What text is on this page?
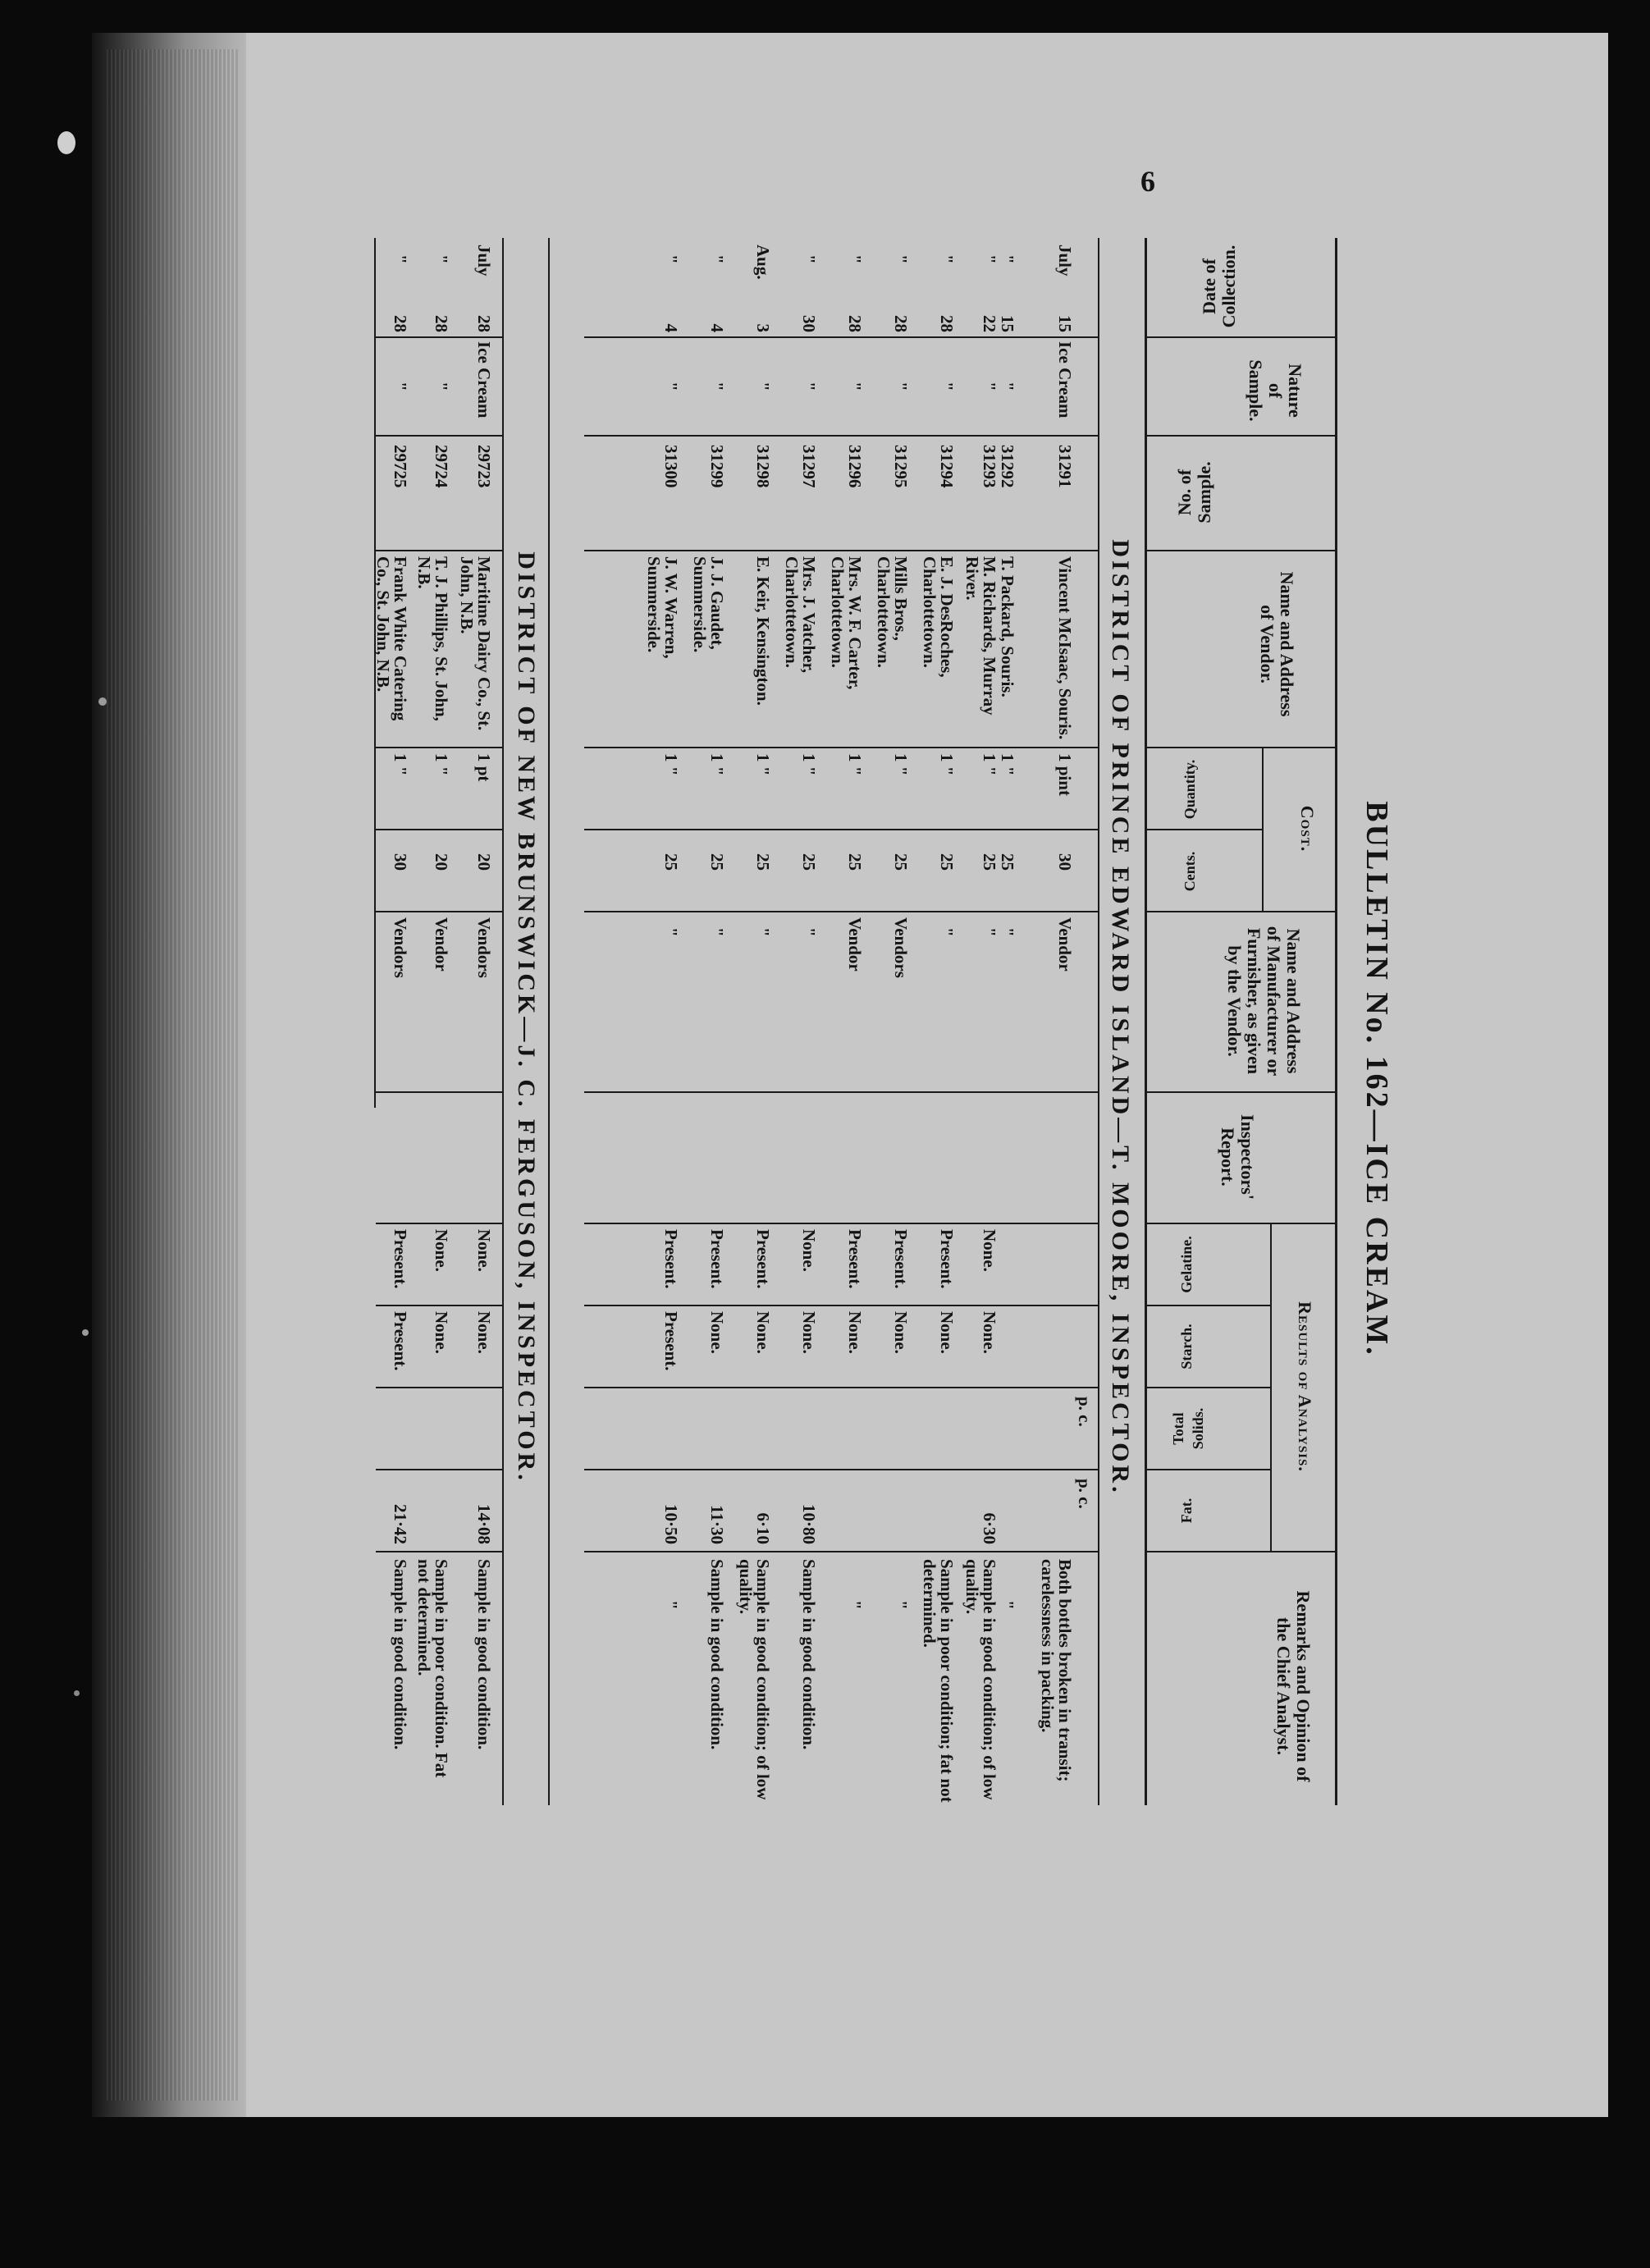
6
BULLETIN No. 162—ICE CREAM.
Date of Collection.
Nature of Sample.
No. of Sample.
Name and Address of Vendor.
Cost.
Quantity.
Cents.
Name and Address of Manufacturer or Furnisher, as given by the Vendor.
Inspectors' Report.
Results of Analysis.
Gelatine.
Starch.
Total Solids.
Fat.
Remarks and Opinion of the Chief Analyst.
DISTRICT OF PRINCE EDWARD ISLAND—T. MOORE, INSPECTOR.
DISTRICT OF NEW BRUNSWICK—J. C. FERGUSON, INSPECTOR.	p. c.
p. c.
July
15
Ice Cream
31291
Vincent McIsaac, Souris.
1 pint
30
Vendor
Both bottles broken in transit; carelessness in packing.
"
15
"
31292
T. Packard, Souris.
1 "
25
"
"
"
22
"
31293
M. Richards, Murray River.
1 "
25
"
None.
None.
6·30
Sample in good condition; of low quality.
"
28
"
31294
E. J. DesRoches, Charlottetown.
1 "
25
"
Present.
None.
Sample in poor condition; fat not determined.
"
28
"
31295
Mills Bros., Charlottetown.
1 "
25
Vendors
Present.
None.
"
"
28
"
31296
Mrs. W. F. Carter, Charlottetown.
1 "
25
Vendor
Present.
None.
"
"
30
"
31297
Mrs. J. Vatcher, Charlottetown.
1 "
25
"
None.
None.
10·80
Sample in good condition.
Aug.
3
"
31298
E. Keir, Kensington.
1 "
25
"
Present.
None.
6·10
Sample in good condition; of low quality.
"
4
"
31299
J. J. Gaudet, Summerside.
1 "
25
"
Present.
None.
11·30
Sample in good condition.
"
4
"
31300
J. W. Warren, Summerside.
1 "
25
"
Present.
Present.
10·50
"
July
28
Ice Cream
29723
Maritime Dairy Co., St. John, N.B.
1 pt
20
Vendors
None.
None.
14·08
Sample in good condition.
"
28
"
29724
T. J. Phillips, St. John, N.B.
1 "
20
Vendor
None.
None.
Sample in poor condition. Fat not determined.
"
28
"
29725
Frank White Catering Co., St. John, N.B.
1 "
30
Vendors
Present.
Present.
21·42
Sample in good condition.
